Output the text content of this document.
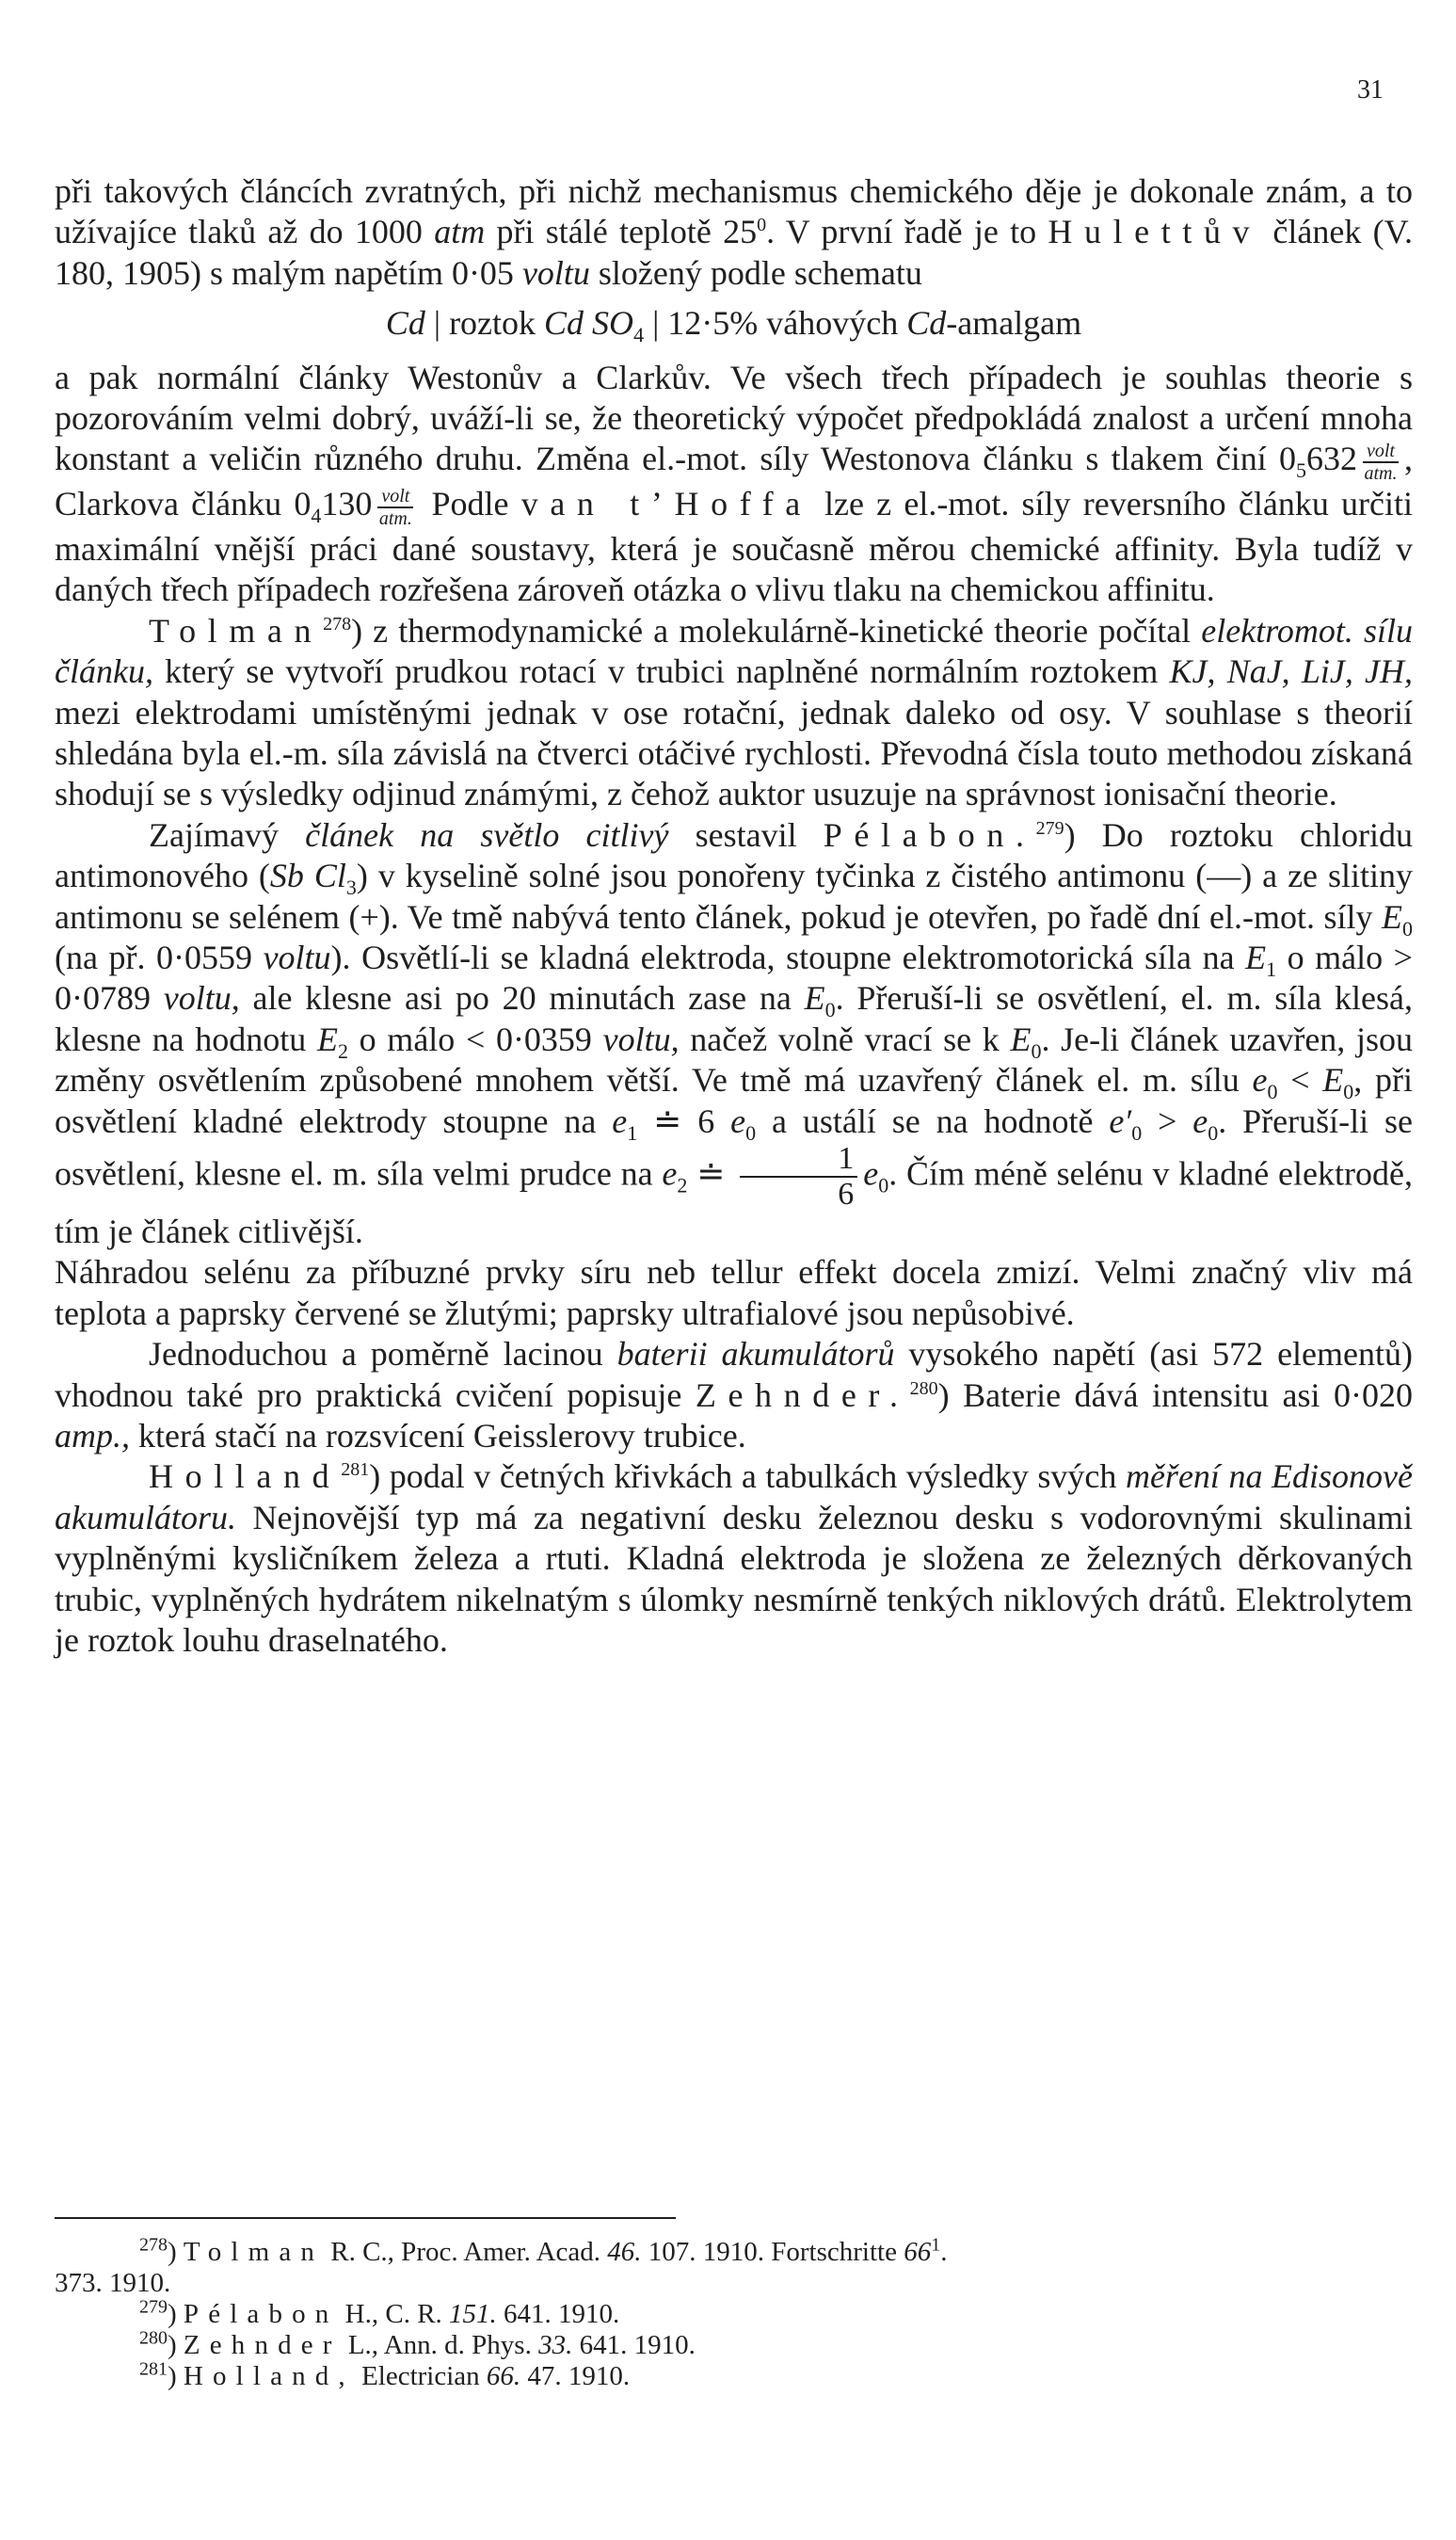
31

při takových článcích zvratných, při nichž mechanismus chemického děje je dokonale znám, a to užívajíce tlaků až do 1000 atm při stálé teplotě $25^0$. V první řadě je to Hulettův článek (V. 180, 1905) s malým napětím 0·05 voltu složený podle schematu

Cd | roztok Cd $SO_4$ | 12·5% váhových Cd-amalgam

a pak normální články Westonův a Clarkův. Ve všech třech případech je souhlas theorie s pozorováním velmi dobrý, uváží-li se, že theoretický výpočet předpokládá znalost a určení mnoha konstant a veličin různého druhu. Změna el.-mot. síly Westonova článku s tlakem činí $0_5632 \frac{\text{volt}}{\text{atm.}}$ , Clarkova článku $0_4130 \frac{\text{volt}}{\text{atm.}}$ Podle van t’Hoffa lze z el.-mot. síly reversního článku určiti maximální vnější práci dané soustavy, která je současně měrou chemické affinity. Byla tudíž v daných třech případech rozřešena zároveň otázka o vlivu tlaku na chemickou affinitu.

Tolman$^{278}$) z thermodynamické a molekulárně-kinetické theorie počítal elektromot. sílu článku, který se vytvoří prudkou rotací v trubici naplněné normálním roztokem KJ, NaJ, LiJ, JH, mezi elektrodami umístěnými jednak v ose rotační, jednak daleko od osy. V souhlase s theorií shledána byla el.-m. síla závislá na čtverci otáčivé rychlosti. Převodná čísla touto methodou získaná shodují se s výsledky odjinud známými, z čehož auktor usuzuje na správnost ionisační theorie.

Zajímavý článek na světlo citlivý sestavil Pélabon.$^{279}$) Do roztoku chloridu antimonového (Sb $Cl_3$) v kyselině solné jsou ponořeny tyčinka z čistého antimonu (—) a ze slitiny antimonu se selénem (+). Ve tmě nabývá tento článek, pokud je otevřen, po řadě dní el.-mot. síly $E_0$ (na př. 0·0559 voltu). Osvětlí-li se kladná elektroda, stoupne elektromotorická síla na $E_1$ o málo > 0·0789 voltu, ale klesne asi po 20 minutách zase na $E_0$. Přeruší-li se osvětlení, el. m. síla klesá, klesne na hodnotu $E_2$ o málo < 0·0359 voltu, načež volně vrací se k $E_0$. Je-li článek uzavřen, jsou změny osvětlením způsobené mnohem větší. Ve tmě má uzavřený článek el. m. sílu $e_0 < E_0$, při osvětlení kladné elektrody stoupne na $e_1$ ≐ 6 $e_0$ a ustálí se na hodnotě $e'_0 > e_0$. Přeruší-li se osvětlení, klesne el. m. síla velmi prudce na $e_2$ ≐ $\frac{1}{6} e_0$. Čím méně selénu v kladné elektrodě, tím je článek citlivější.

Náhradou selénu za příbuzné prvky síru neb tellur effekt docela zmizí. Velmi značný vliv má teplota a paprsky červené se žlutými; paprsky ultrafialové jsou nepůsobivé.

Jednoduchou a poměrně lacinou baterii akumulátorů vysokého napětí (asi 572 elementů) vhodnou také pro praktická cvičení popisuje Zehnder.$^{280}$) Baterie dává intensitu asi 0·020 amp., která stačí na rozsvícení Geisslerovy trubice.

Holland$^{281}$) podal v četných křivkách a tabulkách výsledky svých měření na Edisonově akumulátoru. Nejnovější typ má za negativní desku železnou desku s vodorovnými skulinami vyplněnými kysličníkem železa a rtuti. Kladná elektroda je složena ze železných děrkovaných trubic, vyplněných hydrátem nikelnatým s úlomky nesmírně tenkých niklových drátů. Elektrolytem je roztok louhu draselnatého.

$^{278}$) Tolman R. C., Proc. Amer. Acad. 46. 107. 1910. Fortschritte $66^1$.

373. 1910.

$^{279}$) Pélabon H., C. R. 151. 641. 1910.

$^{280}$) Zehnder L., Ann. d. Phys. 33. 641. 1910.

$^{281}$) Holland, Electrician 66. 47. 1910.
